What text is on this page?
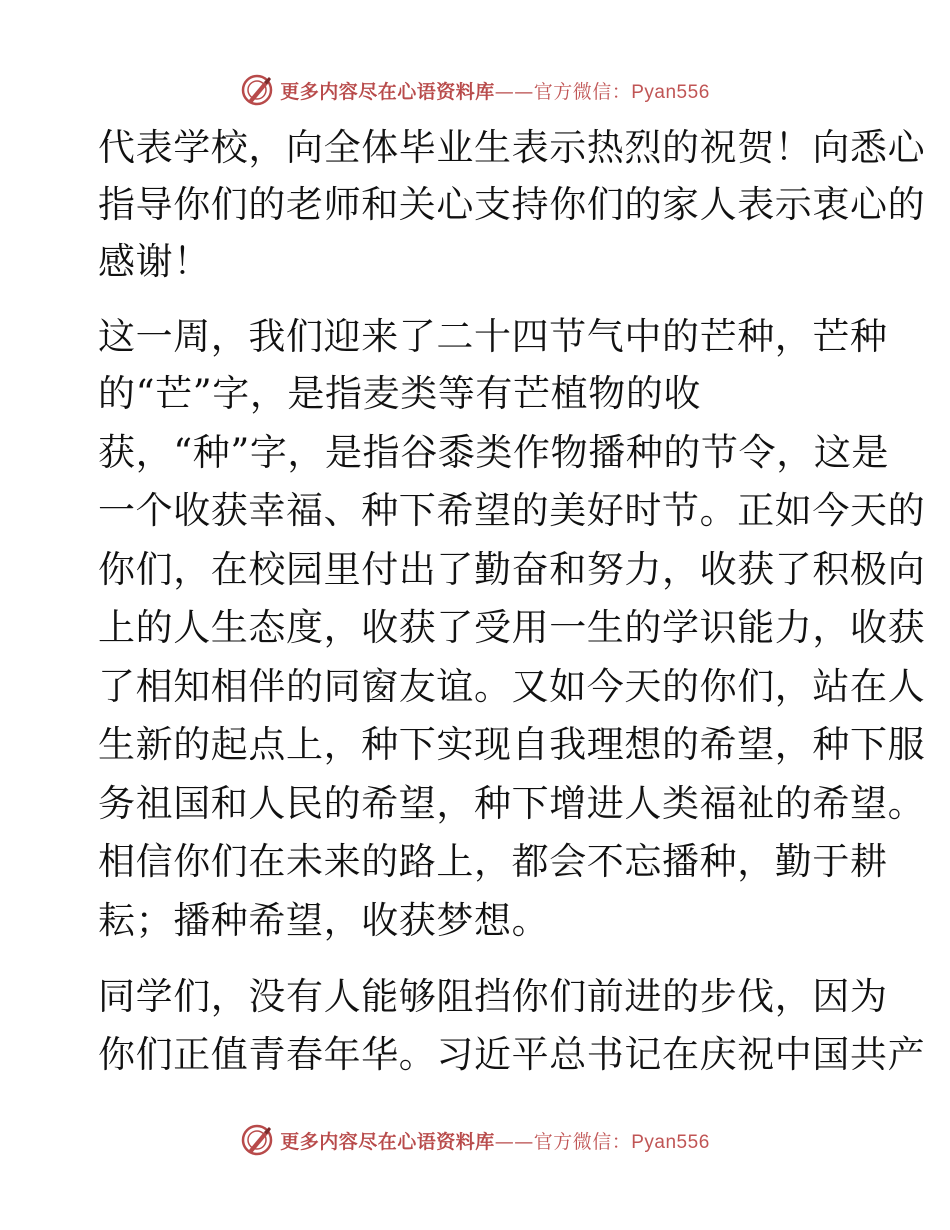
更多内容尽在心语资料库——官方微信：Pyan556
代表学校，向全体毕业生表示热烈的祝贺！向悉心
指导你们的老师和关心支持你们的家人表示衷心的
感谢！
这一周，我们迎来了二十四节气中的芒种，芒种
的“芒”字，是指麦类等有芒植物的收
获，“种”字，是指谷黍类作物播种的节令，这是
一个收获幸福、种下希望的美好时节。正如今天的
你们，在校园里付出了勤奋和努力，收获了积极向
上的人生态度，收获了受用一生的学识能力，收获
了相知相伴的同窗友谊。又如今天的你们，站在人
生新的起点上，种下实现自我理想的希望，种下服
务祖国和人民的希望，种下增进人类福祉的希望。
相信你们在未来的路上，都会不忘播种，勤于耕
耘；播种希望，收获梦想。
同学们，没有人能够阻挡你们前进的步伐，因为
你们正值青春年华。习近平总书记在庆祝中国共产
更多内容尽在心语资料库——官方微信：Pyan556
